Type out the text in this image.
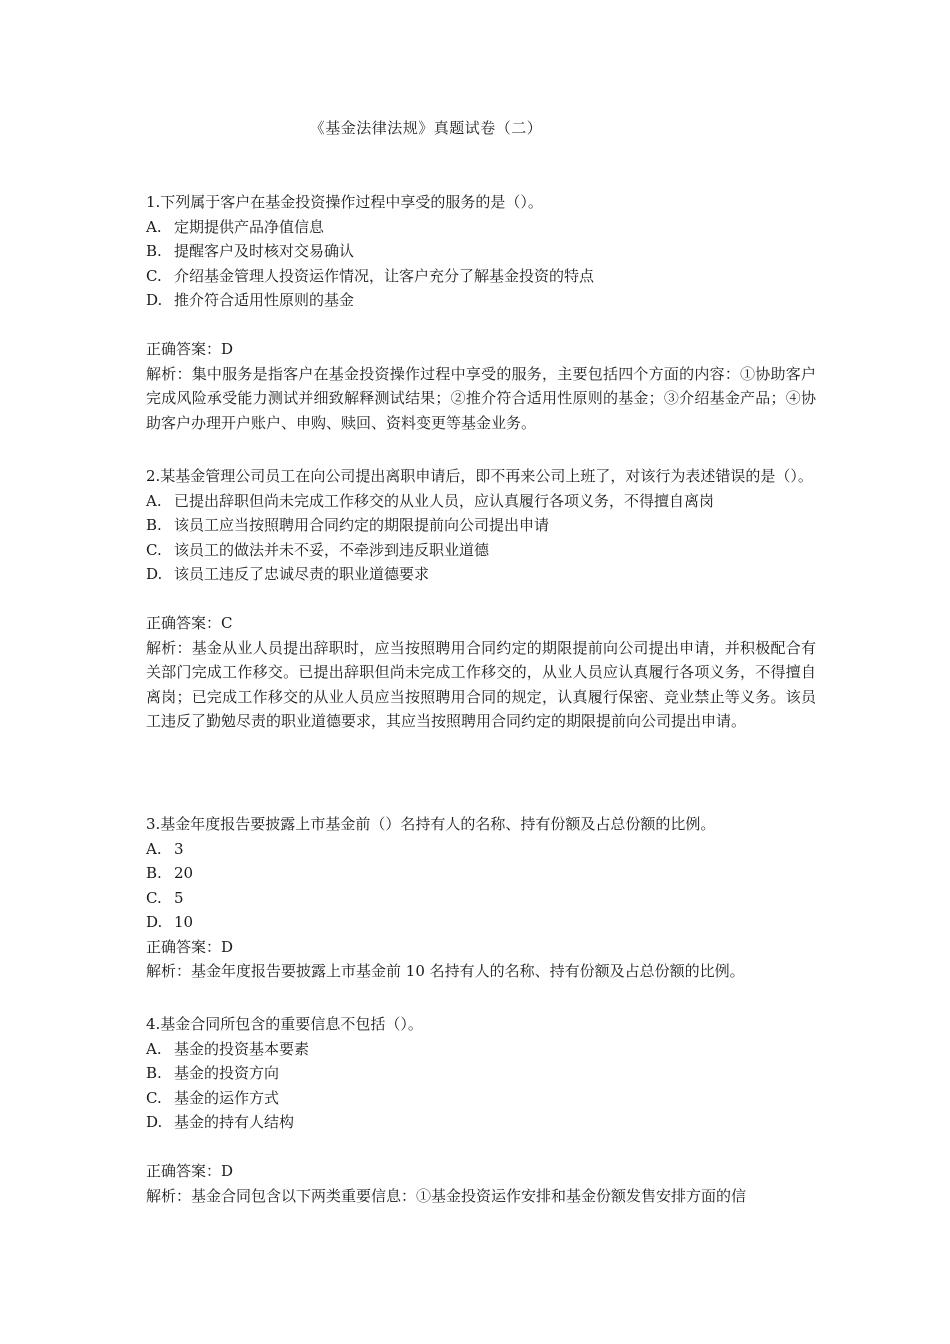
《基金法律法规》真题试卷（二）

1.下列属于客户在基金投资操作过程中享受的服务的是（）。

A. 定期提供产品净值信息

B. 提醒客户及时核对交易确认

C. 介绍基金管理人投资运作情况，让客户充分了解基金投资的特点

D. 推介符合适用性原则的基金

正确答案：D

解析：集中服务是指客户在基金投资操作过程中享受的服务，主要包括四个方面的内容：①协助客户完成风险承受能力测试并细致解释测试结果；②推介符合适用性原则的基金；③介绍基金产品；④协助客户办理开户账户、申购、赎回、资料变更等基金业务。

2.某基金管理公司员工在向公司提出离职申请后，即不再来公司上班了，对该行为表述错误的是（）。

A. 已提出辞职但尚未完成工作移交的从业人员，应认真履行各项义务，不得擅自离岗

B. 该员工应当按照聘用合同约定的期限提前向公司提出申请

C. 该员工的做法并未不妥，不牵涉到违反职业道德

D. 该员工违反了忠诚尽责的职业道德要求

正确答案：C

解析：基金从业人员提出辞职时，应当按照聘用合同约定的期限提前向公司提出申请，并积极配合有关部门完成工作移交。已提出辞职但尚未完成工作移交的，从业人员应认真履行各项义务，不得擅自离岗；已完成工作移交的从业人员应当按照聘用合同的规定，认真履行保密、竞业禁止等义务。该员工违反了勤勉尽责的职业道德要求，其应当按照聘用合同约定的期限提前向公司提出申请。

3.基金年度报告要披露上市基金前（）名持有人的名称、持有份额及占总份额的比例。

A. 3

B. 20

C. 5

D. 10

正确答案：D

解析：基金年度报告要披露上市基金前 10 名持有人的名称、持有份额及占总份额的比例。

4.基金合同所包含的重要信息不包括（）。

A. 基金的投资基本要素

B. 基金的投资方向

C. 基金的运作方式

D. 基金的持有人结构

正确答案：D

解析：基金合同包含以下两类重要信息：①基金投资运作安排和基金份额发售安排方面的信
